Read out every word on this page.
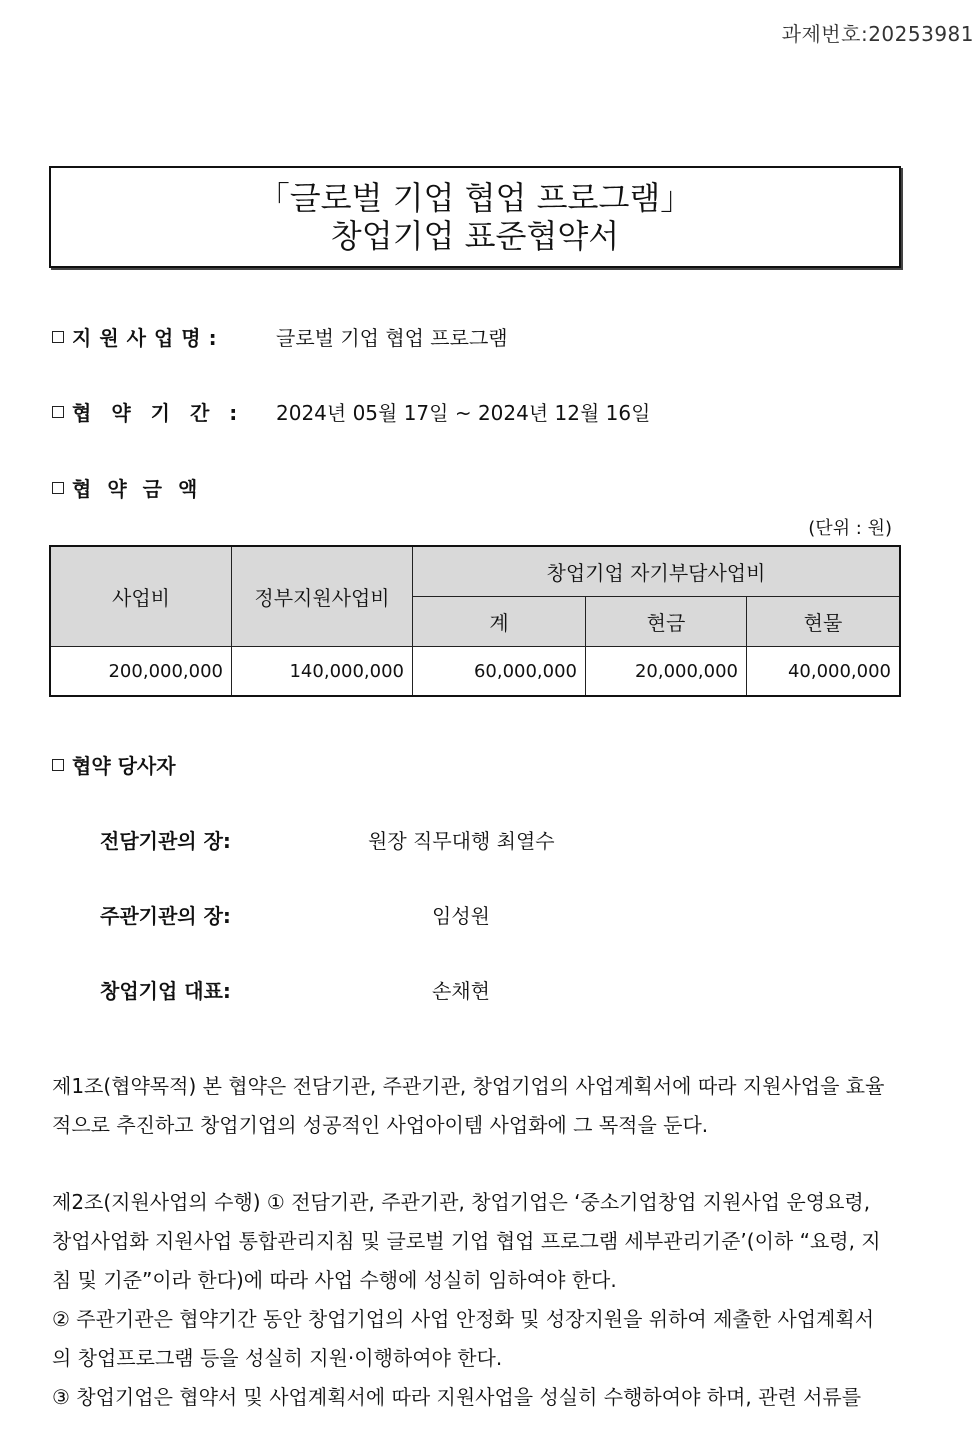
과제번호:20253981
「글로벌 기업 협업 프로그램」
창업기업 표준협약서
지원사업명:	글로벌 기업 협업 프로그램
협약기간: 2024년 05월 17일 ~ 2024년 12월 16일
협약금액
(단위 : 원)
사업비	정부지원사업비	창업기업 자기부담사업비		
		계	현금	현물
200,000,000	140,000,000	60,000,000	20,000,000	40,000,000
협약 당사자
전담기관의 장:	원장 직무대행 최열수
주관기관의 장:	임성원
창업기업 대표:	손채현
제1조(협약목적) 본 협약은 전담기관, 주관기관, 창업기업의 사업계획서에 따라 지원사업을 효율
적으로 추진하고 창업기업의 성공적인 사업아이템 사업화에 그 목적을 둔다.
제2조(지원사업의 수행) ① 전담기관, 주관기관, 창업기업은 ‘중소기업창업 지원사업 운영요령,
창업사업화 지원사업 통합관리지침 및 글로벌 기업 협업 프로그램 세부관리기준’(이하 “요령, 지
침 및 기준”이라 한다)에 따라 사업 수행에 성실히 임하여야 한다.
② 주관기관은 협약기간 동안 창업기업의 사업 안정화 및 성장지원을 위하여 제출한 사업계획서
의 창업프로그램 등을 성실히 지원·이행하여야 한다.
③ 창업기업은 협약서 및 사업계획서에 따라 지원사업을 성실히 수행하여야 하며, 관련 서류를
